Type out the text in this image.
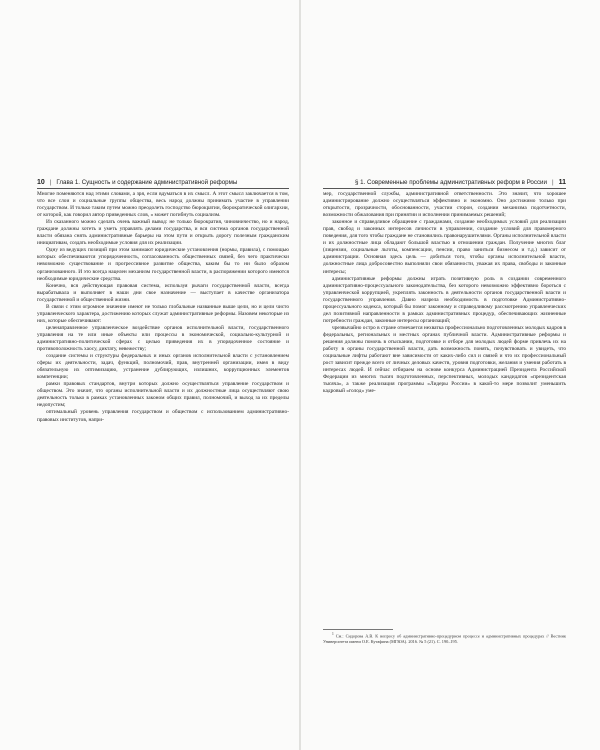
10 | Глава 1. Сущность и содержание административной реформы

Многие поменяются над этими словами, а зря, если вдуматься в их смысл. А этот смысл заключается в том, что все слои и социальные группы общества, весь народ должны принимать участие в управлении государством. И только таким путем можно преодолеть господство бюрократии, бюрократической олигархии, от которой, как говорил автор приведенных слов, « может погибнуть социализм.

Из сказанного можно сделать очень важный вывод: не только бюрократия, чиновничество, но и народ, граждане должны хотеть и уметь управлять делами государства, и вся система органов государственной власти обязана снять административные барьеры на этом пути и открыть дорогу полезным гражданским инициативам, создать необходимые условия для их реализации.

Одну из ведущих позиций при этом занимают юридические установления (нормы, правила), с помощью которых обеспечиваются упорядоченность, согласованность общественных связей, без чего практически невозможно существование и прогрессивное развитие общества, каким бы то ни было образом организованного. И это всегда нацелен механизм государственной власти, в распоряжении которого имеются необходимые юридические средства.

Конечно, вся действующая правовая система, используя рычаги государственной власти, всегда вырабатывала и выполняет в наши дни свое назначение — выступает в качестве организатора государственной и общественной жизни.

В связи с этим огромное значение имеют не только глобальные названные выше цели, но и цели чисто управленческого характера, достижению которых служат административные реформы. Назовем некоторые из них, которые обеспечивают:

целенаправленное управленческое воздействие органов исполнительной власти, государственного управления на те или иные объекты или процессы в экономической, социально-культурной и административно-политической сферах с целью приведения их в упорядоченное состояние и противоположность хаосу, диктату, невежеству;

создание системы и структуры федеральных и иных органов исполнительной власти с установлением сферы их деятельности, задач, функций, полномочий, прав, внутренней организации, имея в виду обязательную их оптимизацию, устранение дублирующих, излишних, коррупционных элементов компетенции;

рамки правовых стандартов, внутри которых должно осуществляться управление государством и обществом. Это значит, что органы исполнительной власти и их должностные лица осуществляют свою деятельность только в рамках установленных законом общих правил, полномочий, и выход за их пределы недопустим;

оптимальный уровень управления государством и обществом с использованием административно-правовых институтов, напри-

§ 1. Современные проблемы административных реформ в России | 11

мер, государственной службы, административной ответственности. Это значит, что хорошее администрирование должно осуществляться эффективно и экономно. Оно достижимо только при открытости, прозрачности, обоснованности, участии сторон, создании механизма подотчетности, возможности обжалования при принятии и исполнении принимаемых решений;

законное и справедливое обращение с гражданами, создание необходимых условий для реализации прав, свобод и законных интересов личности в управлении, создание условий для правомерного поведения, для того чтобы граждане не становились правонарушителями. Органы исполнительной власти и их должностные лица обладают большой властью в отношении граждан. Получение многих благ (лицензии, социальные льготы, компенсации, пенсии, право заниться бизнесом и т.д.) зависит от администрации. Основная здесь цель — добиться того, чтобы органы исполнительной власти, должностные лица добросовестно выполняли свои обязанности, уважая их права, свободы и законные интересы;

административные реформы должны играть позитивную роль в создании современного административно-процессуального законодательства, без которого невозможно эффективно бороться с управленческой коррупцией, укреплять законность в деятельности органов государственной власти и государственного управления. Давно назрела необходимость в подготовке Административно-процессуального кодекса, который бы помог законному и справедливому рассмотрению управленческих дел позитивной направленности в рамках административных процедур, обеспечивающих жизненные потребности граждан, законные интересы организаций;

чрезвычайно остро в стране отмечается нехватка профессионально подготовленных молодых кадров в федеральных, региональных и местных органах публичной власти. Административные реформы и решения должны помочь в отыскании, подготовке и отборе для молодых людей форме привлечь их на работу в органы государственной власти, дать возможность понять, почувствовать и увидеть, что социальные лифты работают вне зависимости от каких-либо сил и связей и что их профессиональный рост зависит прежде всего от личных деловых качеств, уровня подготовки, желания и умения работать в интересах людей. И сейчас отбираем на основе конкурса Администрацией Президента Российской Федерации из многих тысяч подготовленных, перспективных, молодых кандидатов «президентская тысяча», а также реализация программы «Лидеры России» в какой-то мере позволит уменьшить кадровый «голод» уме-

$^1$ См.: Сидорова А.В. К вопросу об административно-процедурном процессе и административных процедурах // Вестник Университета имени О.Е. Кутафина (МГЮА). 2016. № 5 (21). С. 190–195.
